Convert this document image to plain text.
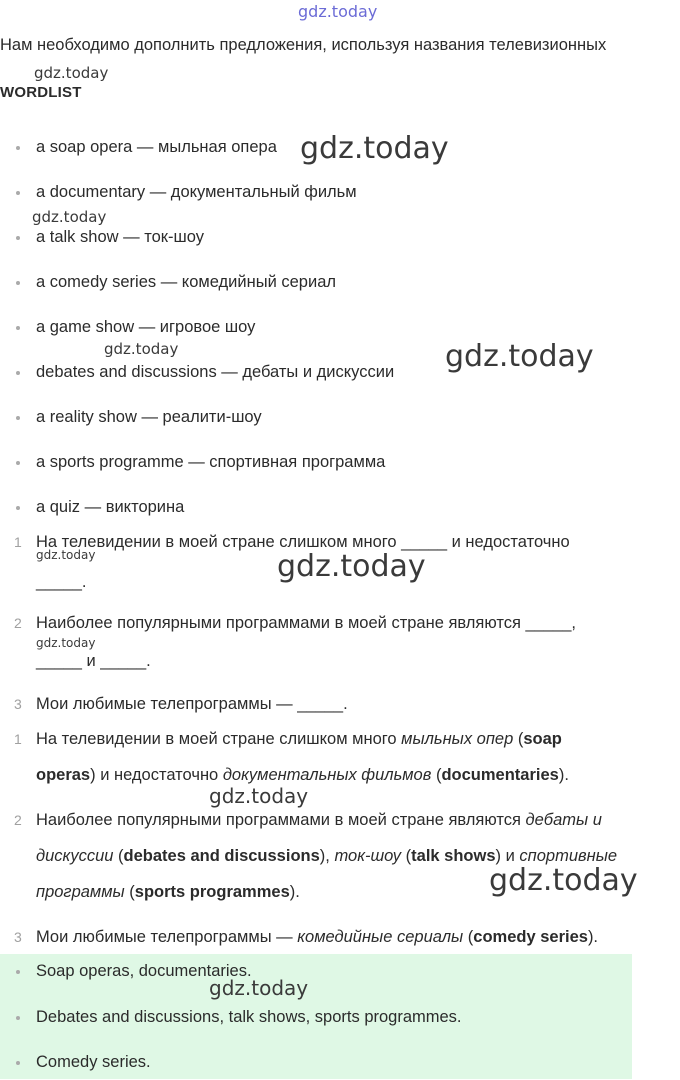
gdz.today
Нам необходимо дополнить предложения, используя названия телевизионных
gdz.today
WORDLIST
a soap opera — мыльная опера
a documentary — документальный фильм
a talk show — ток-шоу
a comedy series — комедийный сериал
a game show — игровое шоу
debates and discussions — дебаты и дискуссии
a reality show — реалити-шоу
a sports programme — спортивная программа
a quiz — викторина
gdz.today
gdz.today
gdz.today	gdz.today
1 На телевидении в моей стране слишком много _____ и недостаточно
_____.
gdz.today	gdz.today
2 Наиболее популярными программами в моей стране являются _____,
_____ и _____.
gdz.today
3 Мои любимые телепрограммы — _____.
1 На телевидении в моей стране слишком много мыльных опер (soap
operas) и недостаточно документальных фильмов (documentaries).
gdz.today
2 Наиболее популярными программами в моей стране являются дебаты и
дискуссии (debates and discussions), ток-шоу (talk shows) и спортивные
программы (sports programmes).	gdz.today
3 Мои любимые телепрограммы — комедийные сериалы (comedy series).
Soap operas, documentaries.
gdz.today
Debates and discussions, talk shows, sports programmes.
Comedy series.
